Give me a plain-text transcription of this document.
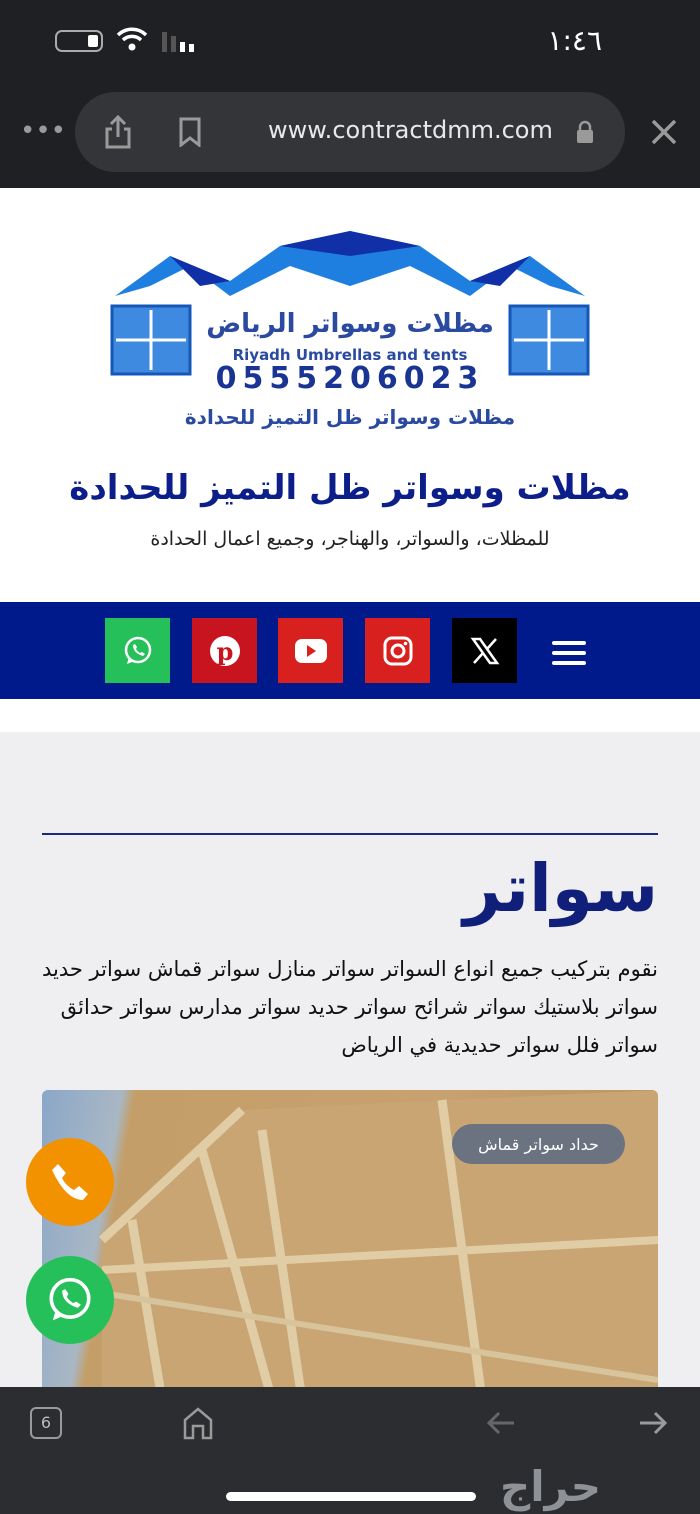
١:٤٦
•••	www.contractdmm.com
مظلات وسواتر الرياض
Riyadh Umbrellas and tents
0555206023
مظلات وسواتر ظل التميز للحدادة
مظلات وسواتر ظل التميز للحدادة
للمظلات، والسواتر، والهناجر، وجميع اعمال الحدادة
p
سواتر
نقوم بتركيب جميع انواع السواتر سواتر منازل سواتر قماش سواتر حديد سواتر بلاستيك سواتر شرائح سواتر حديد سواتر مدارس سواتر حدائق سواتر فلل سواتر حديدية في الرياض
حداد سواتر قماش
6
حراج
